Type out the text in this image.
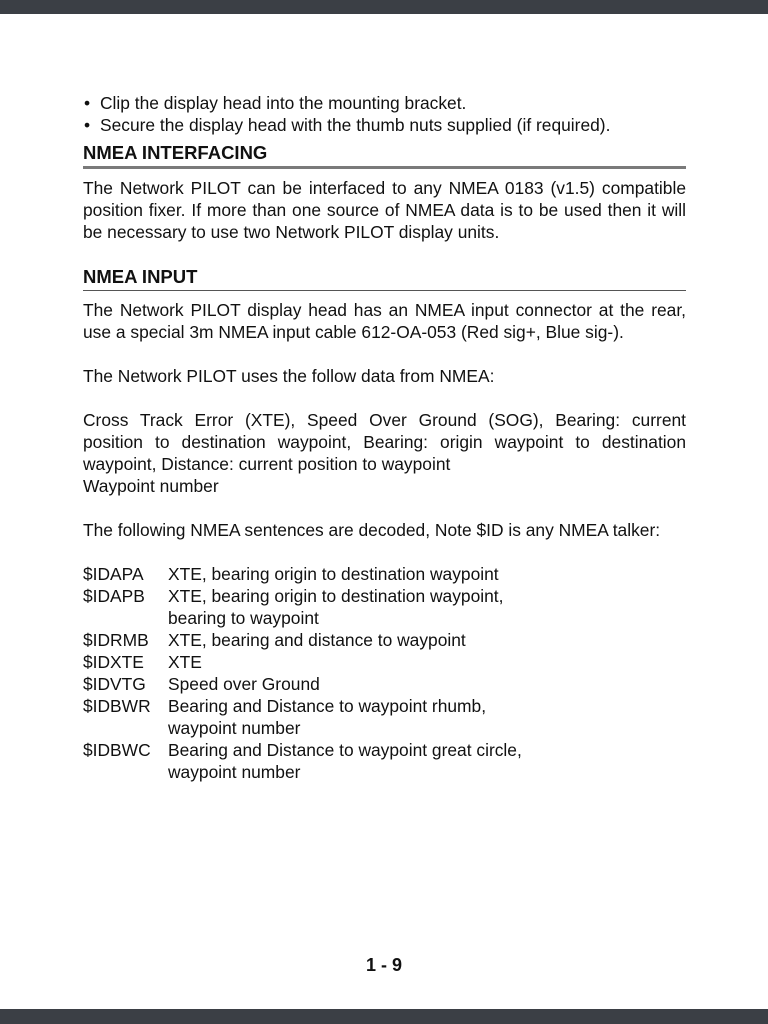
• Clip the display head into the mounting bracket.
• Secure the display head with the thumb nuts supplied (if required).
NMEA INTERFACING

The Network PILOT can be interfaced to any NMEA 0183 (v1.5) compatible position fixer. If more than one source of NMEA data is to be used then it will be necessary to use two Network PILOT display units.

NMEA INPUT

The Network PILOT display head has an NMEA input connector at the rear, use a special 3m NMEA input cable 612-OA-053 (Red sig+, Blue sig-).

The Network PILOT uses the follow data from NMEA:

Cross Track Error (XTE), Speed Over Ground (SOG), Bearing: current position to destination waypoint, Bearing: origin waypoint to destination waypoint, Distance: current position to waypoint
Waypoint number

The following NMEA sentences are decoded, Note $ID is any NMEA talker:

$IDAPA	XTE, bearing origin to destination waypoint
$IDAPB	XTE, bearing origin to destination waypoint,
bearing to waypoint
$IDRMB	XTE, bearing and distance to waypoint
$IDXTE	XTE
$IDVTG	Speed over Ground
$IDBWR Bearing and Distance to waypoint rhumb,
waypoint number
$IDBWC Bearing and Distance to waypoint great circle,
waypoint number
1 - 9
